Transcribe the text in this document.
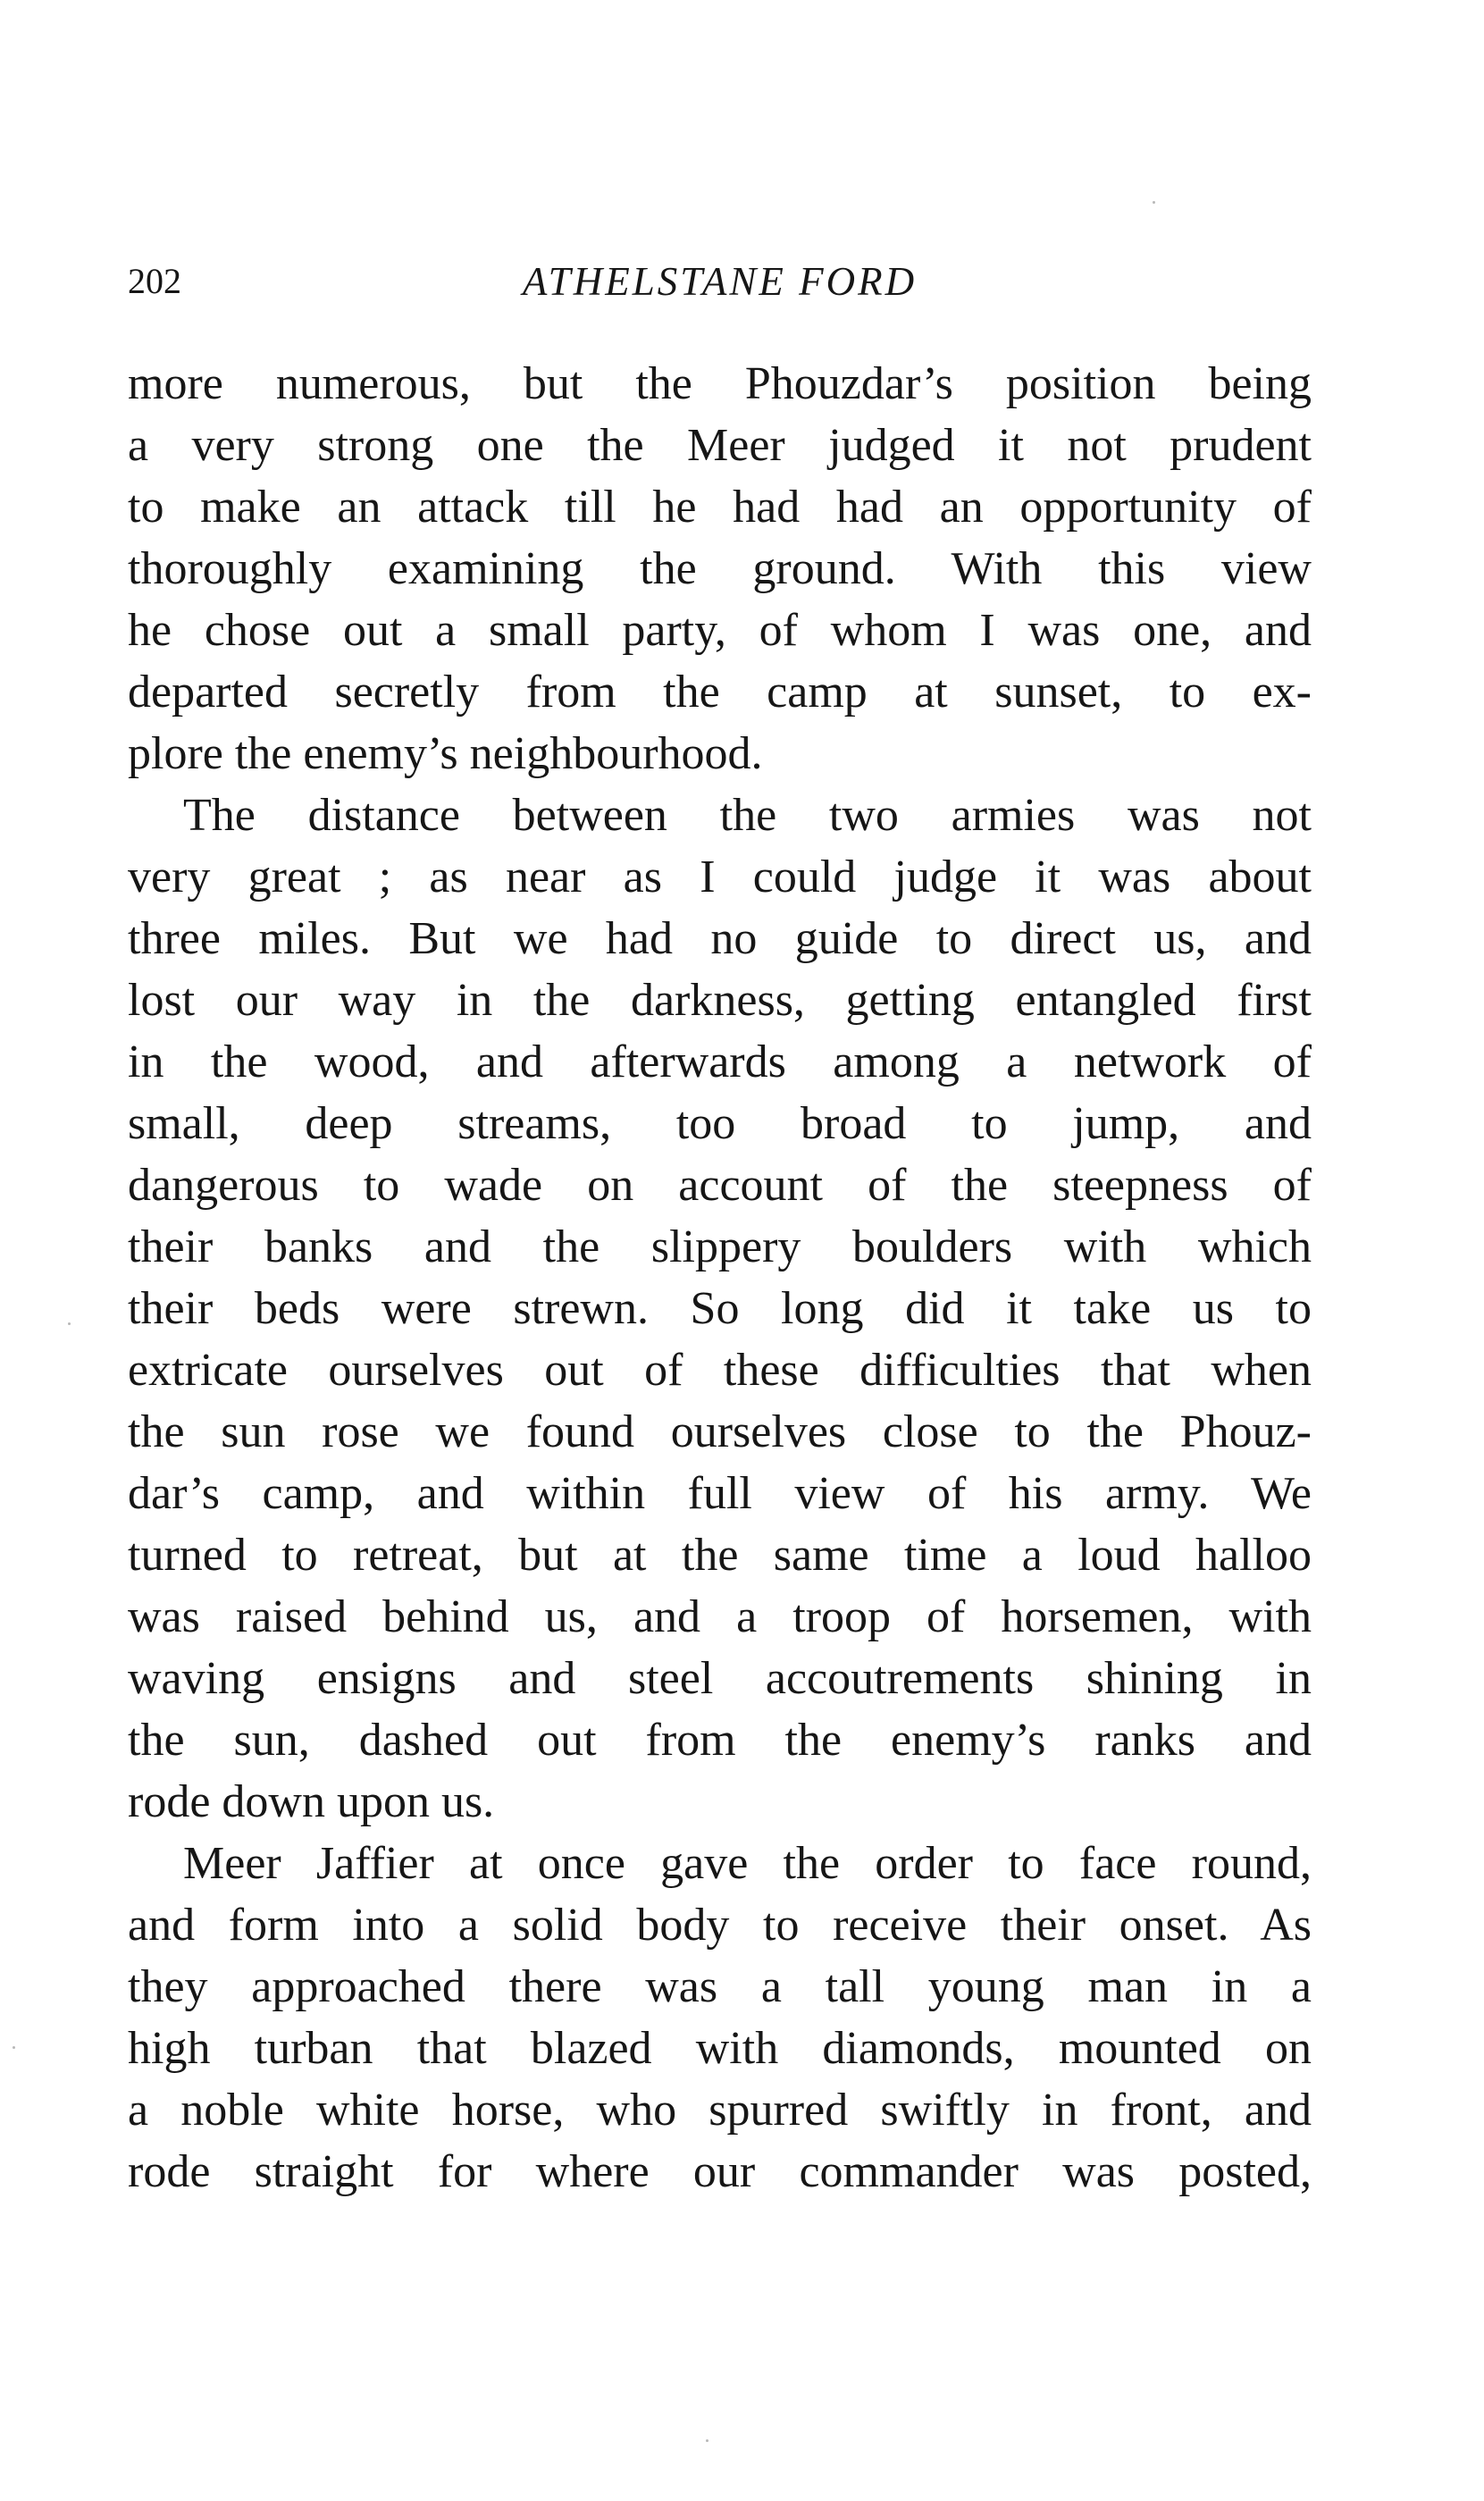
202	ATHELSTANE FORD
more numerous, but the Phouzdar’s position being
a very strong one the Meer judged it not prudent
to make an attack till he had had an opportunity of
thoroughly examining the ground. With this view
he chose out a small party, of whom I was one, and
departed secretly from the camp at sunset, to ex-
plore the enemy’s neighbourhood.
The distance between the two armies was not
very great ; as near as I could judge it was about
three miles. But we had no guide to direct us, and
lost our way in the darkness, getting entangled first
in the wood, and afterwards among a network of
small, deep streams, too broad to jump, and
dangerous to wade on account of the steepness of
their banks and the slippery boulders with which
their beds were strewn. So long did it take us to
extricate ourselves out of these difficulties that when
the sun rose we found ourselves close to the Phouz-
dar’s camp, and within full view of his army. We
turned to retreat, but at the same time a loud halloo
was raised behind us, and a troop of horsemen, with
waving ensigns and steel accoutrements shining in
the sun, dashed out from the enemy’s ranks and
rode down upon us.
Meer Jaffier at once gave the order to face round,
and form into a solid body to receive their onset. As
they approached there was a tall young man in a
high turban that blazed with diamonds, mounted on
a noble white horse, who spurred swiftly in front, and
rode straight for where our commander was posted,
